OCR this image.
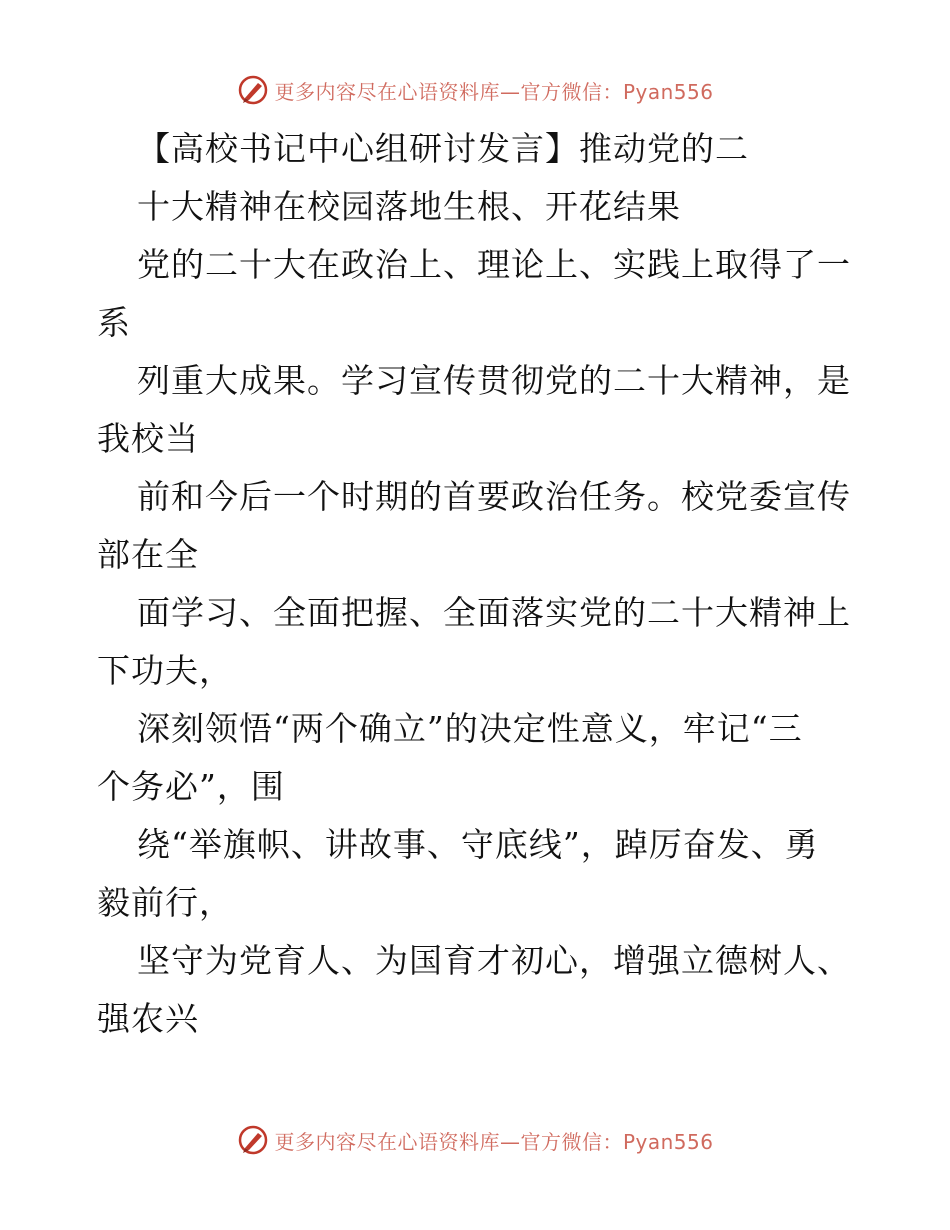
更多内容尽在心语资料库—官方微信：Pyan556
【高校书记中心组研讨发言】推动党的二
十大精神在校园落地生根、开花结果
党的二十大在政治上、理论上、实践上取得了一
系
列重大成果。学习宣传贯彻党的二十大精神，是
我校当
前和今后一个时期的首要政治任务。校党委宣传
部在全
面学习、全面把握、全面落实党的二十大精神上
下功夫，
深刻领悟“两个确立”的决定性意义，牢记“三
个务必”，围
绕“举旗帜、讲故事、守底线”，踔厉奋发、勇
毅前行，
坚守为党育人、为国育才初心，增强立德树人、
强农兴
更多内容尽在心语资料库—官方微信：Pyan556
